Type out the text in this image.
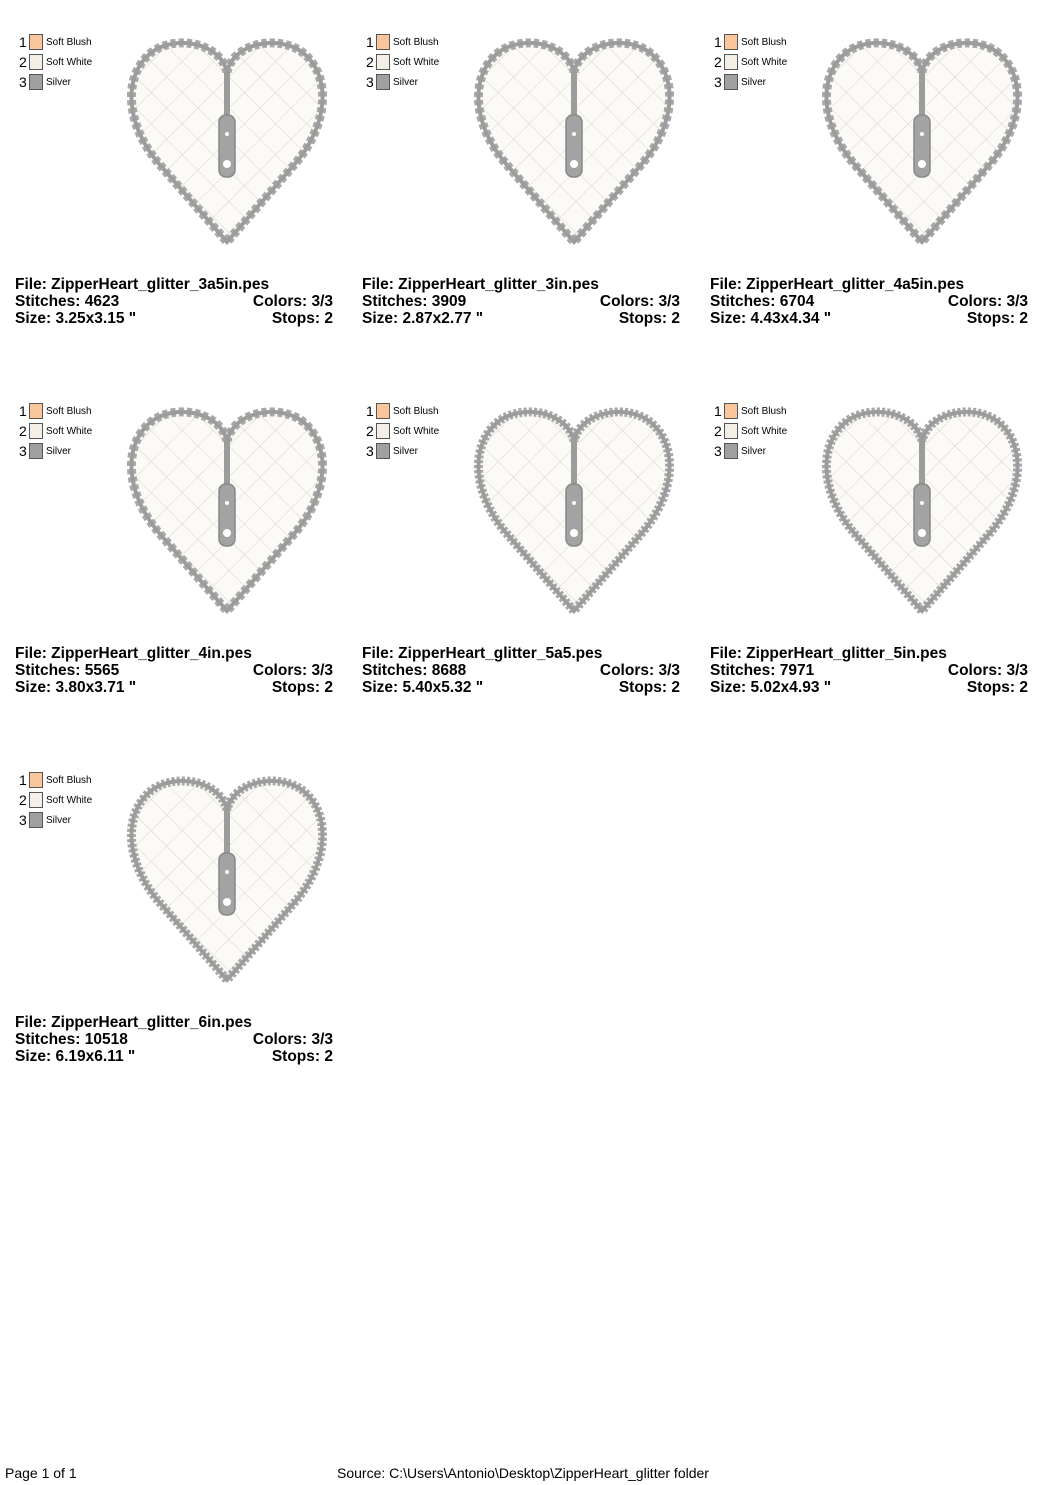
1 Soft Blush
2 Soft White
3 Silver
File: ZipperHeart_glitter_3a5in.pes
Stitches: 4623	Colors: 3/3
Size: 3.25x3.15 "	Stops: 2
1 Soft Blush
2 Soft White
3 Silver
File: ZipperHeart_glitter_3in.pes
Stitches: 3909	Colors: 3/3
Size: 2.87x2.77 "	Stops: 2
1 Soft Blush
2 Soft White
3 Silver
File: ZipperHeart_glitter_4a5in.pes
Stitches: 6704	Colors: 3/3
Size: 4.43x4.34 "	Stops: 2
1 Soft Blush
2 Soft White
3 Silver
File: ZipperHeart_glitter_4in.pes
Stitches: 5565	Colors: 3/3
Size: 3.80x3.71 "	Stops: 2
1 Soft Blush
2 Soft White
3 Silver
File: ZipperHeart_glitter_5a5.pes
Stitches: 8688	Colors: 3/3
Size: 5.40x5.32 "	Stops: 2
1 Soft Blush
2 Soft White
3 Silver
File: ZipperHeart_glitter_5in.pes
Stitches: 7971	Colors: 3/3
Size: 5.02x4.93 "	Stops: 2
1 Soft Blush
2 Soft White
3 Silver
File: ZipperHeart_glitter_6in.pes
Stitches: 10518	Colors: 3/3
Size: 6.19x6.11 "	Stops: 2
Page 1 of 1	Source: C:\Users\Antonio\Desktop\ZipperHeart_glitter folder
